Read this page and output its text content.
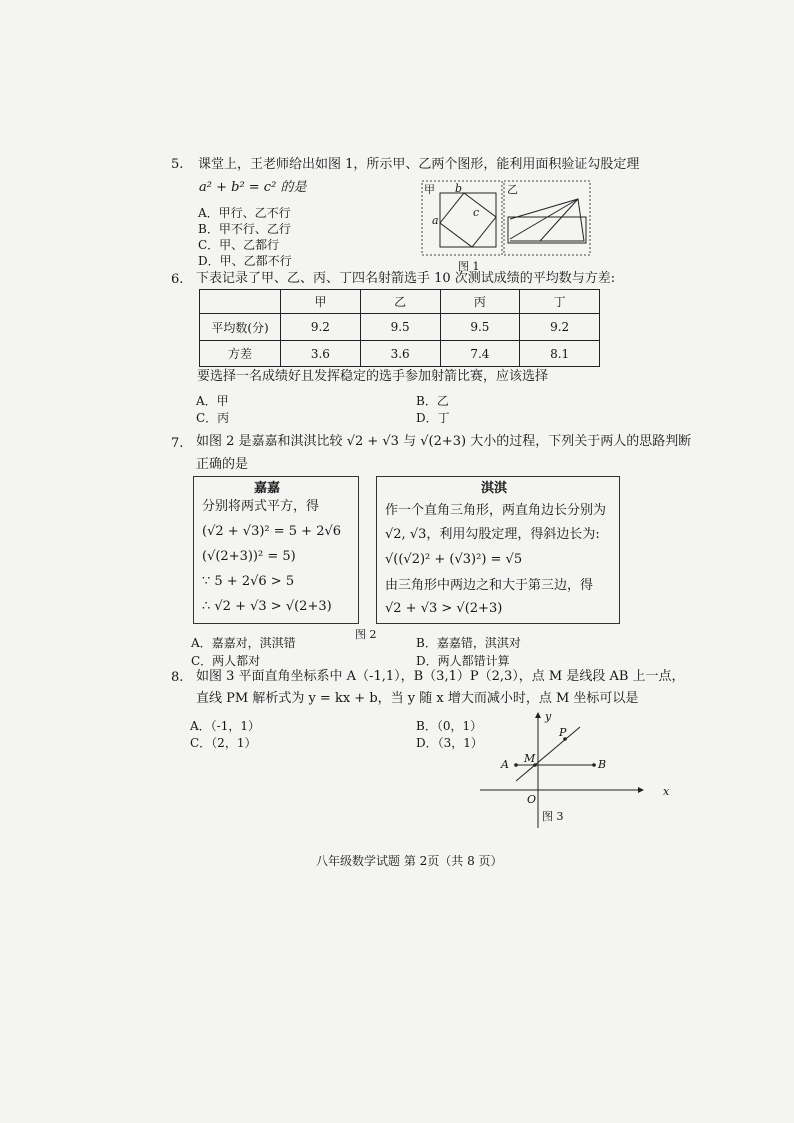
5. 课堂上，王老师给出如图 1，所示甲、乙两个图形，能利用面积验证勾股定理
a² + b² = c² 的是
A．甲行、乙不行
B．甲不行、乙行
C．甲、乙都行
D．甲、乙都不行
甲	乙
b
a
c
图 1
6. 下表记录了甲、乙、丙、丁四名射箭选手 10 次测试成绩的平均数与方差:
	甲	乙	丙	丁
平均数(分)	9.2	9.5	9.5	9.2
方差	3.6	3.6	7.4	8.1
要选择一名成绩好且发挥稳定的选手参加射箭比赛，应该选择
A．甲	B．乙
C．丙	D．丁
7. 如图 2 是嘉嘉和淇淇比较 √2 + √3 与 √(2+3) 大小的过程，下列关于两人的思路判断
正确的是
嘉嘉
分别将两式平方，得
(√2 + √3)² = 5 + 2√6
(√(2+3))² = 5)
∵ 5 + 2√6 > 5
∴ √2 + √3 > √(2+3)
淇淇
作一个直角三角形，两直角边长分别为
√2, √3，利用勾股定理，得斜边长为:
√((√2)² + (√3)²) = √5
由三角形中两边之和大于第三边，得
√2 + √3 > √(2+3)
图 2
A．嘉嘉对，淇淇错	B．嘉嘉错，淇淇对
C．两人都对	D．两人都错计算
8. 如图 3 平面直角坐标系中 A（-1,1），B（3,1）P（2,3），点 M 是线段 AB 上一点，
直线 PM 解析式为 y = kx + b，当 y 随 x 增大而减小时，点 M 坐标可以是
A．（-1，1）	B．（0，1）
C．（2，1）	D．（3，1）
y
x
P
M
A	B
O
图 3
八年级数学试题 第 2页（共 8 页）
